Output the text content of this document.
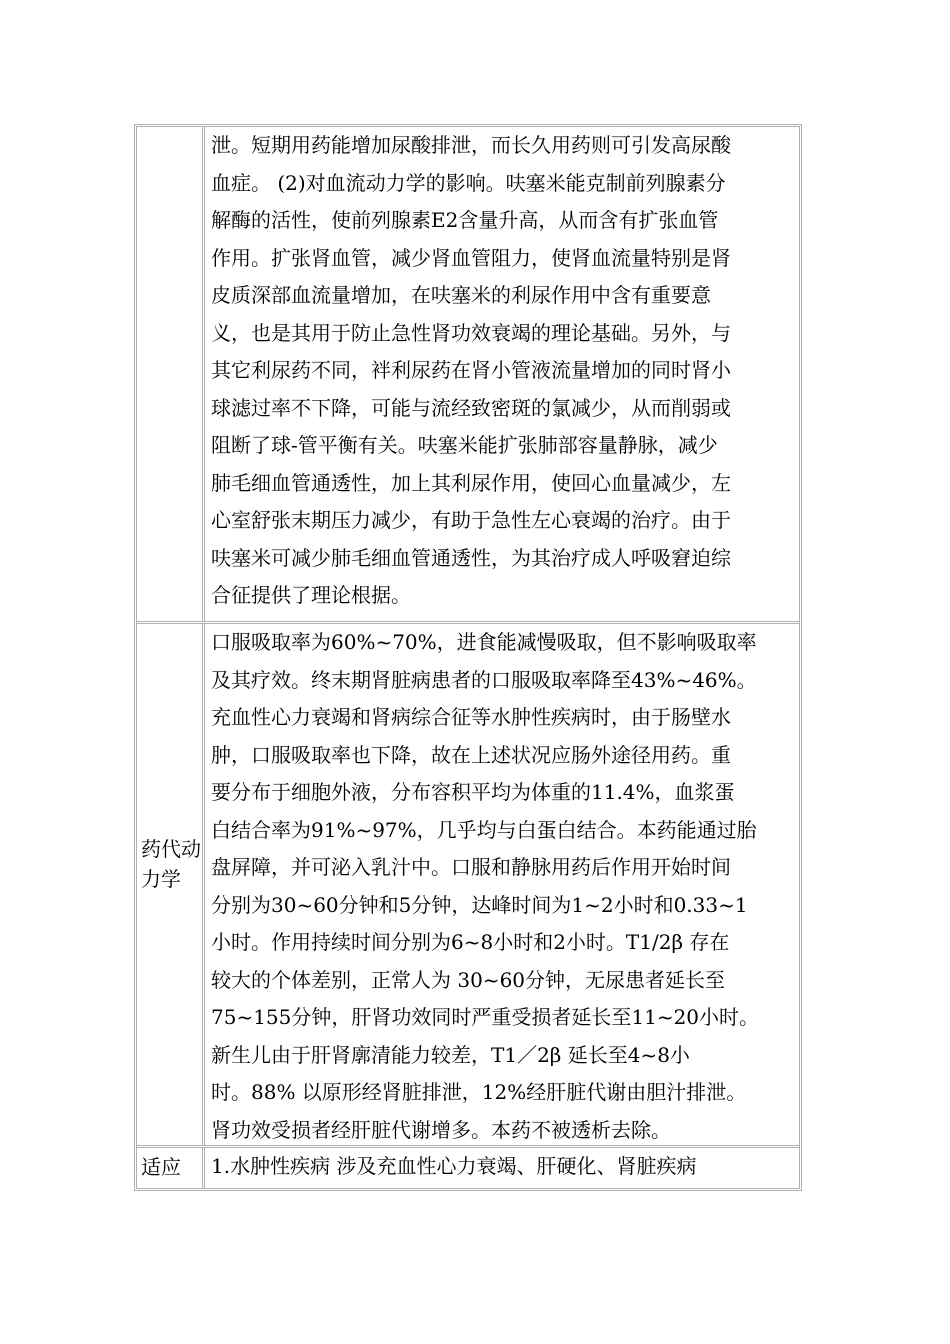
泄。短期用药能增加尿酸排泄，而长久用药则可引发高尿酸
血症。 (2)对血流动力学的影响。呋塞米能克制前列腺素分
解酶的活性，使前列腺素E2含量升高，从而含有扩张血管
作用。扩张肾血管，减少肾血管阻力，使肾血流量特别是肾
皮质深部血流量增加，在呋塞米的利尿作用中含有重要意
义，也是其用于防止急性肾功效衰竭的理论基础。另外，与
其它利尿药不同，袢利尿药在肾小管液流量增加的同时肾小
球滤过率不下降，可能与流经致密斑的氯减少，从而削弱或
阻断了球-管平衡有关。呋塞米能扩张肺部容量静脉，减少
肺毛细血管通透性，加上其利尿作用，使回心血量减少，左
心室舒张末期压力减少，有助于急性左心衰竭的治疗。由于
呋塞米可减少肺毛细血管通透性，为其治疗成人呼吸窘迫综
合征提供了理论根据。
药代动力学
口服吸取率为60%~70%，进食能减慢吸取，但不影响吸取率
及其疗效。终末期肾脏病患者的口服吸取率降至43%~46%。
充血性心力衰竭和肾病综合征等水肿性疾病时，由于肠壁水
肿，口服吸取率也下降，故在上述状况应肠外途径用药。重
要分布于细胞外液，分布容积平均为体重的11.4%，血浆蛋
白结合率为91%~97%，几乎均与白蛋白结合。本药能通过胎
盘屏障，并可泌入乳汁中。口服和静脉用药后作用开始时间
分别为30~60分钟和5分钟，达峰时间为1~2小时和0.33~1
小时。作用持续时间分别为6~8小时和2小时。T1/2β 存在
较大的个体差别，正常人为 30~60分钟，无尿患者延长至
75~155分钟，肝肾功效同时严重受损者延长至11~20小时。
新生儿由于肝肾廓清能力较差，T1／2β 延长至4~8小
时。88% 以原形经肾脏排泄，12%经肝脏代谢由胆汁排泄。
肾功效受损者经肝脏代谢增多。本药不被透析去除。
适应	1.水肿性疾病 涉及充血性心力衰竭、肝硬化、肾脏疾病
